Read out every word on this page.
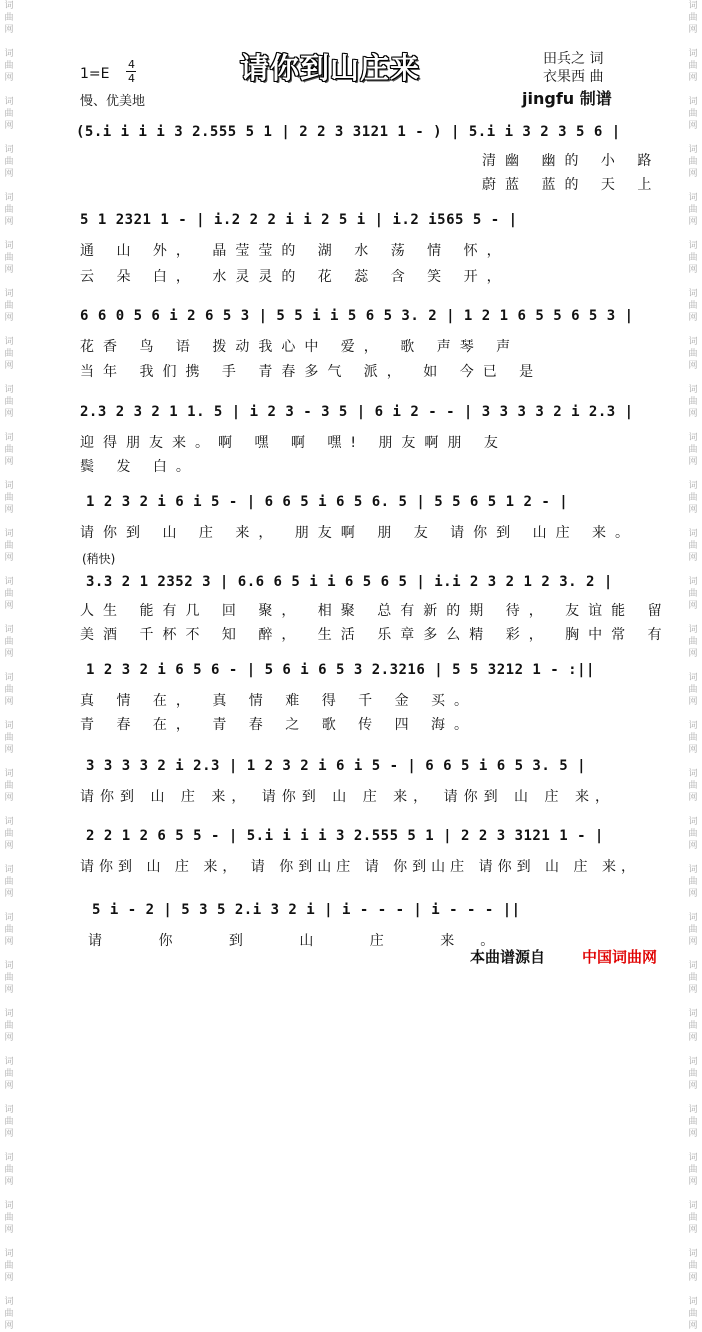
词
曲
网

词
曲
网

词
曲
网

词
曲
网

词
曲
网

词
曲
网

词
曲
网

词
曲
网

词
曲
网

词
曲
网

词
曲
网

词
曲
网

词
曲
网

词
曲
网

词
曲
网

词
曲
网

词
曲
网

词
曲
网

词
曲
网

词
曲
网

词
曲
网

词
曲
网

词
曲
网

词
曲
网

词
曲
网

词
曲
网

词
曲
网

词
曲
网

词
曲
网

词
曲
网

词
曲
网

词
曲
网

词
曲
网

词
曲
网

词
曲
网

词
曲
网

词
曲
网

词
曲
网

词
曲
网

词
曲
网

词
曲
网

词
曲
网

词
曲
网

词
曲
网

词
曲
网

词
曲
网

词
曲
网

词
曲
网

词
曲
网

词
曲
网

词
曲
网

词
曲
网

词
曲
网

词
曲
网

词
曲
网

词
曲
网

请你到山庄来
1=E
4
4
慢、优美地
田兵之 词
衣果西 曲
jingfu 制谱
(5.i i i i 3 2.555 5 1 | 2 2 3 3121 1 - ) | 5.i i 3 2 3 5 6 |
清幽 幽的 小 路
蔚蓝 蓝的 天 上
5 1 2321 1 - | i.2 2 2 i i 2 5 i | i.2 i565 5 - |
通 山 外， 晶莹莹的 湖 水 荡 情 怀，
云 朵 白， 水灵灵的 花 蕊 含 笑 开，
6 6 0 5 6 i 2 6 5 3 | 5 5 i i 5 6 5 3. 2 | 1 2 1 6 5 5 6 5 3 |
花香 鸟 语 拨动我心中 爱， 歌 声琴 声
当年 我们携 手 青春多气 派， 如 今已 是
2.3 2 3 2 1 1. 5 | i 2 3 - 3 5 | 6 i 2 - - | 3 3 3 3 2 i 2.3 |
迎得朋友来。啊 嘿 啊 嘿! 朋友啊朋 友
鬓 发 白。
1 2 3 2 i 6 i 5 - | 6 6 5 i 6 5 6. 5 | 5 5 6 5 1 2 - |
请你到 山 庄 来， 朋友啊 朋 友 请你到 山庄 来。
(稍快)
3.3 2 1 2352 3 | 6.6 6 5 i i 6 5 6 5 | i.i 2 3 2 1 2 3. 2 |
人生 能有几 回 聚， 相聚 总有新的期 待， 友谊能 留
美酒 千杯不 知 醉， 生活 乐章多么精 彩， 胸中常 有
1 2 3 2 i 6 5 6 - | 5 6 i 6 5 3 2.3216 | 5 5 3212 1 - :||
真 情 在， 真 情 难 得 千 金 买。
青 春 在， 青 春 之 歌 传 四 海。
3 3 3 3 2 i 2.3 | 1 2 3 2 i 6 i 5 - | 6 6 5 i 6 5 3. 5 |
请你到 山 庄 来， 请你到 山 庄 来， 请你到 山 庄 来，
2 2 1 2 6 5 5 - | 5.i i i i 3 2.555 5 1 | 2 2 3 3121 1 - |
请你到 山 庄 来， 请 你到山庄 请 你到山庄 请你到 山 庄 来，
5 i - 2 | 5 3 5 2.i 3 2 i | i - - - | i - - - ||
请 你 到 山 庄 来。
本曲谱源自 中国词曲网
